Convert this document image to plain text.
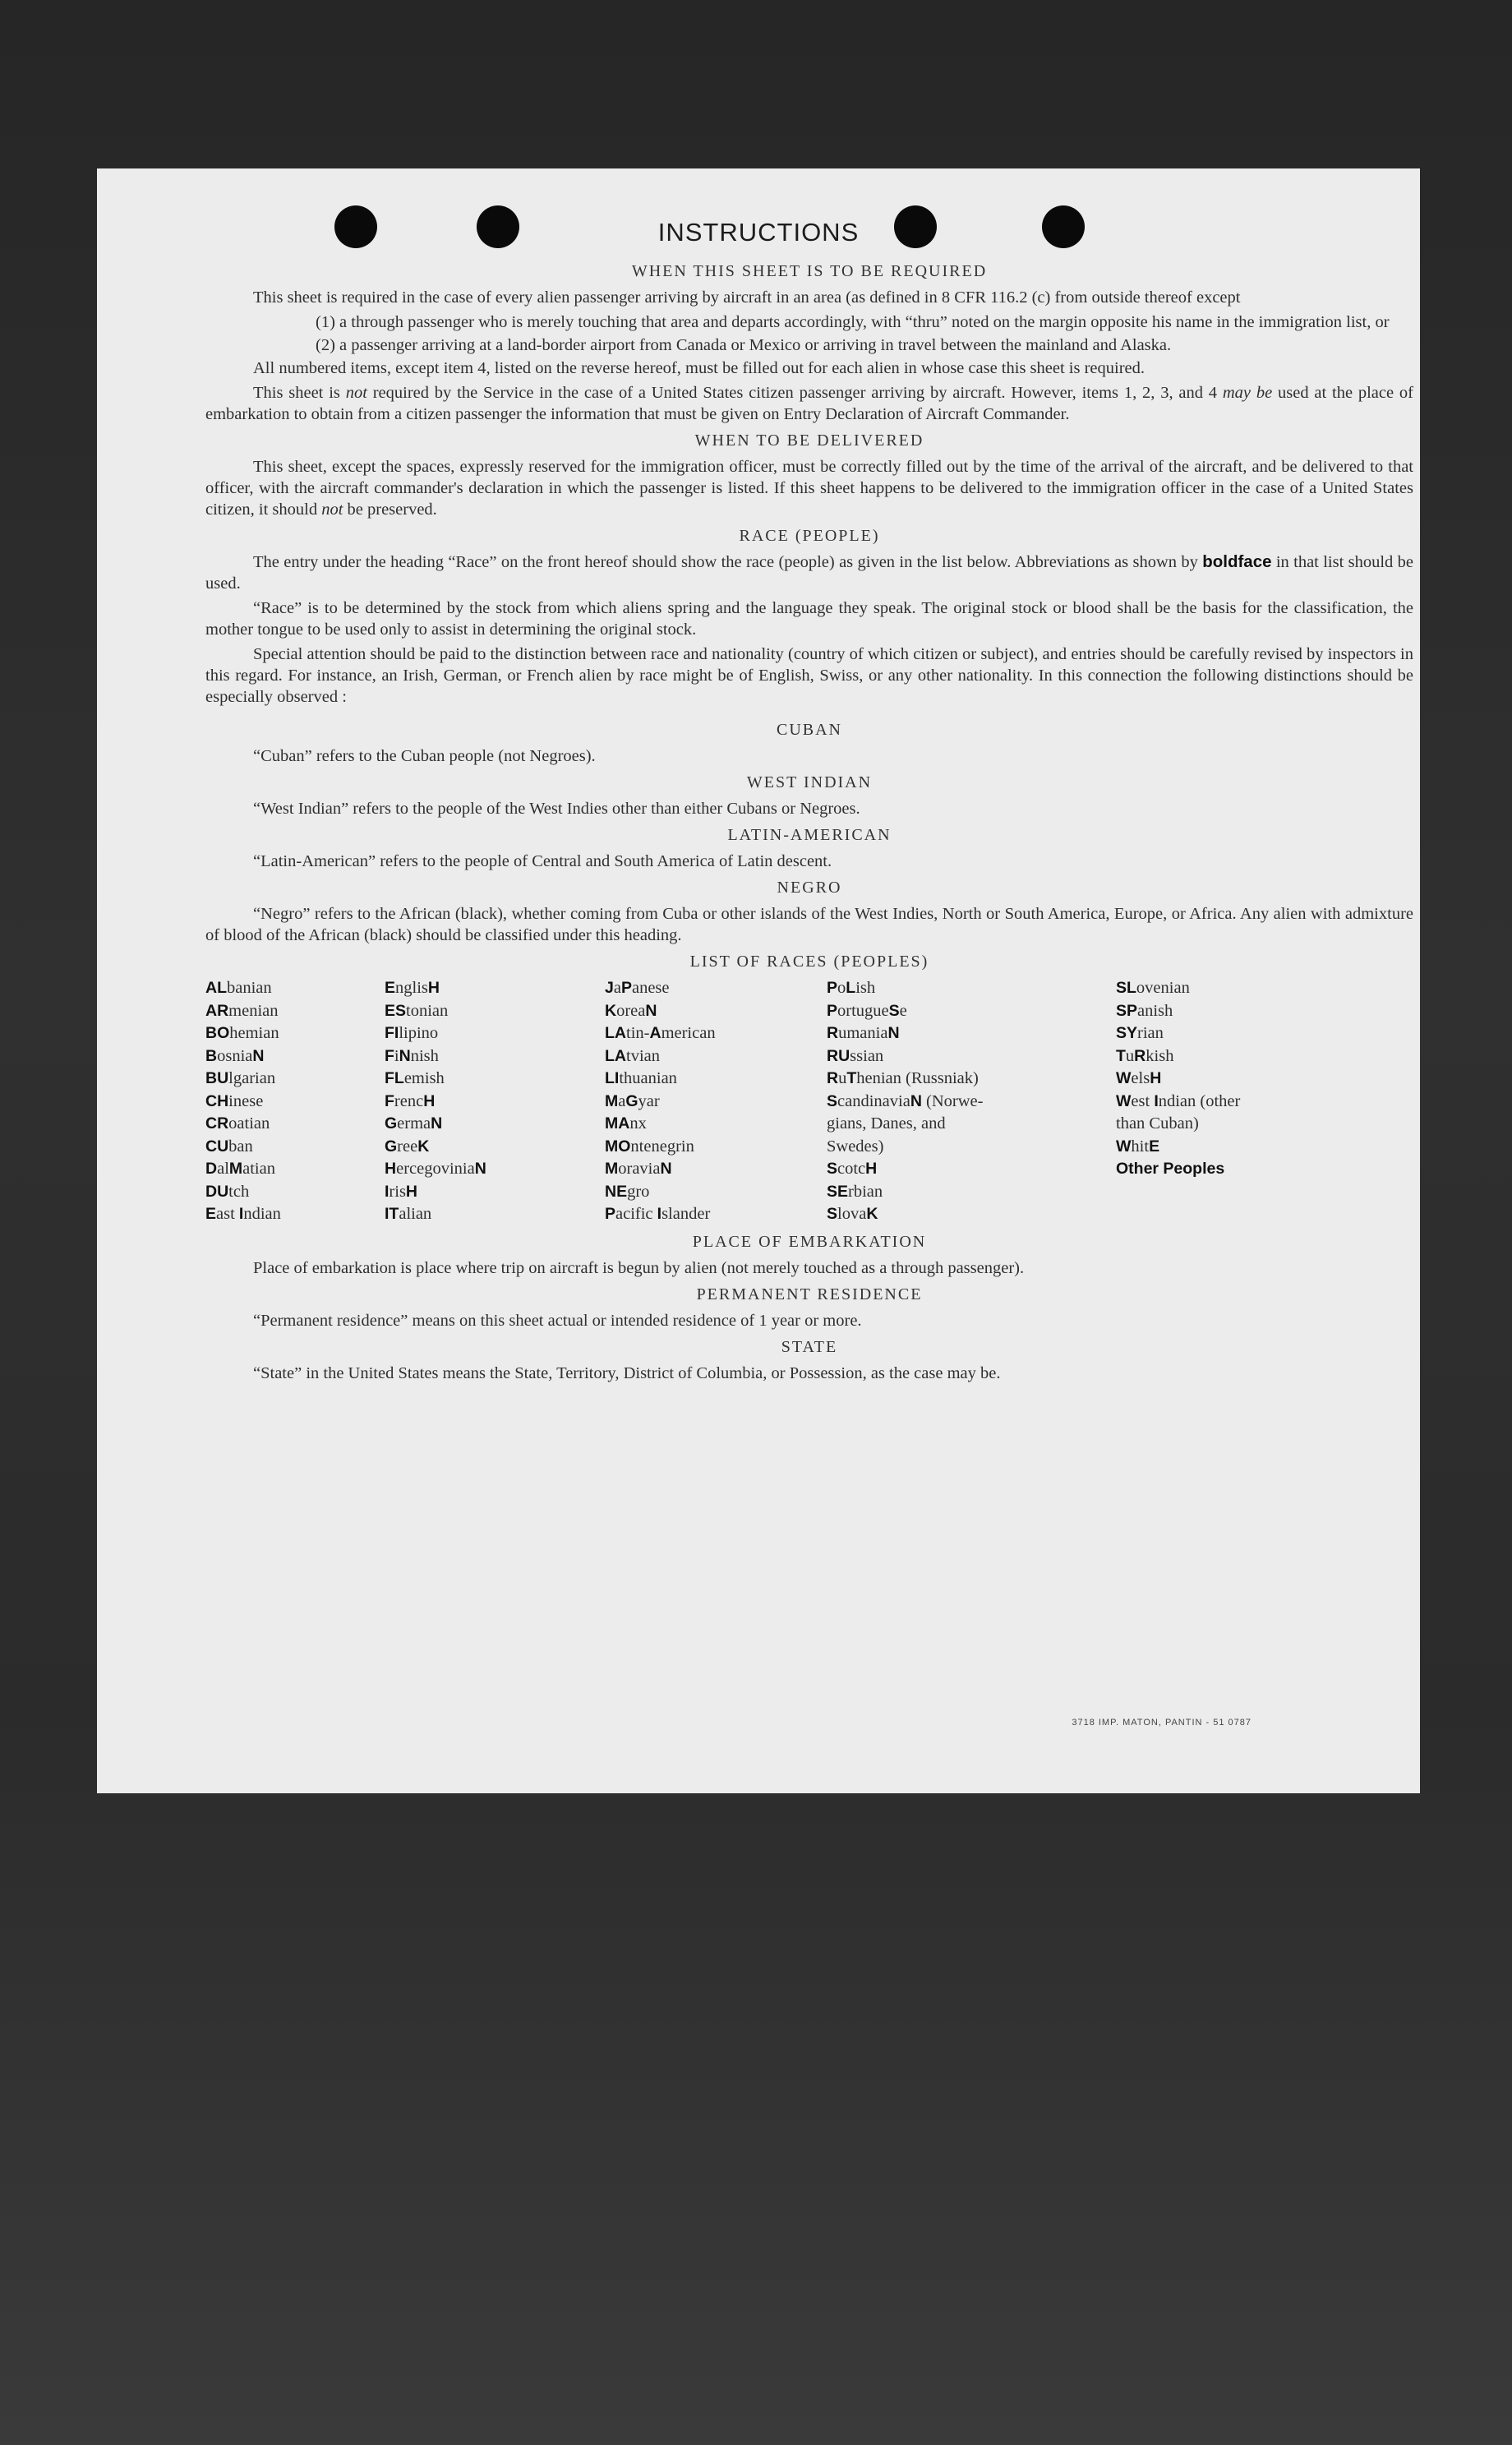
INSTRUCTIONS
WHEN THIS SHEET IS TO BE REQUIRED

This sheet is required in the case of every alien passenger arriving by aircraft in an area (as defined in 8 CFR 116.2 (c) from outside thereof except

(1) a through passenger who is merely touching that area and departs accordingly, with “thru” noted on the margin opposite his name in the immigration list, or

(2) a passenger arriving at a land-border airport from Canada or Mexico or arriving in travel between the mainland and Alaska.

All numbered items, except item 4, listed on the reverse hereof, must be filled out for each alien in whose case this sheet is required.

This sheet is not required by the Service in the case of a United States citizen passenger arriving by aircraft. However, items 1, 2, 3, and 4 may be used at the place of embarkation to obtain from a citizen passenger the information that must be given on Entry Declaration of Aircraft Commander.

WHEN TO BE DELIVERED

This sheet, except the spaces, expressly reserved for the immigration officer, must be correctly filled out by the time of the arrival of the aircraft, and be delivered to that officer, with the aircraft commander's declaration in which the passenger is listed. If this sheet happens to be delivered to the immigration officer in the case of a United States citizen, it should not be preserved.

RACE (PEOPLE)

The entry under the heading “Race” on the front hereof should show the race (people) as given in the list below. Abbreviations as shown by boldface in that list should be used.

“Race” is to be determined by the stock from which aliens spring and the language they speak. The original stock or blood shall be the basis for the classification, the mother tongue to be used only to assist in determining the original stock.

Special attention should be paid to the distinction between race and nationality (country of which citizen or subject), and entries should be carefully revised by inspectors in this regard. For instance, an Irish, German, or French alien by race might be of English, Swiss, or any other nationality. In this connection the following distinctions should be especially observed :

CUBAN

“Cuban” refers to the Cuban people (not Negroes).

WEST INDIAN

“West Indian” refers to the people of the West Indies other than either Cubans or Negroes.

LATIN-AMERICAN

“Latin-American” refers to the people of Central and South America of Latin descent.

NEGRO

“Negro” refers to the African (black), whether coming from Cuba or other islands of the West Indies, North or South America, Europe, or Africa. Any alien with admixture of blood of the African (black) should be classified under this heading.

LIST OF RACES (PEOPLES)
ALbanian
ARmenian
BOhemian
BosniaN
BUlgarian
CHinese
CRoatian
CUban
DalMatian
DUtch
East Indian
EnglisH
EStonian
FIlipino
FiNnish
FLemish
FrencH
GermaN
GreeK
HercegoviniaN
IrisH
ITalian
JaPanese
KoreaN
LAtin-American
LAtvian
LIthuanian
MaGyar
MAnx
MOntenegrin
MoraviaN
NEgro
Pacific Islander
PoLish
PortugueSe
RumaniaN
RUssian
RuThenian (Russniak)
ScandinaviaN (Norwe-
gians, Danes, and
Swedes)
ScotcH
SErbian
SlovaK
SLovenian
SPanish
SYrian
TuRkish
WelsH
West Indian (other
than Cuban)
WhitE
Other Peoples
PLACE OF EMBARKATION

Place of embarkation is place where trip on aircraft is begun by alien (not merely touched as a through passenger).

PERMANENT RESIDENCE

“Permanent residence” means on this sheet actual or intended residence of 1 year or more.

STATE

“State” in the United States means the State, Territory, District of Columbia, or Possession, as the case may be.

3718 IMP. MATON, PANTIN - 51 0787
